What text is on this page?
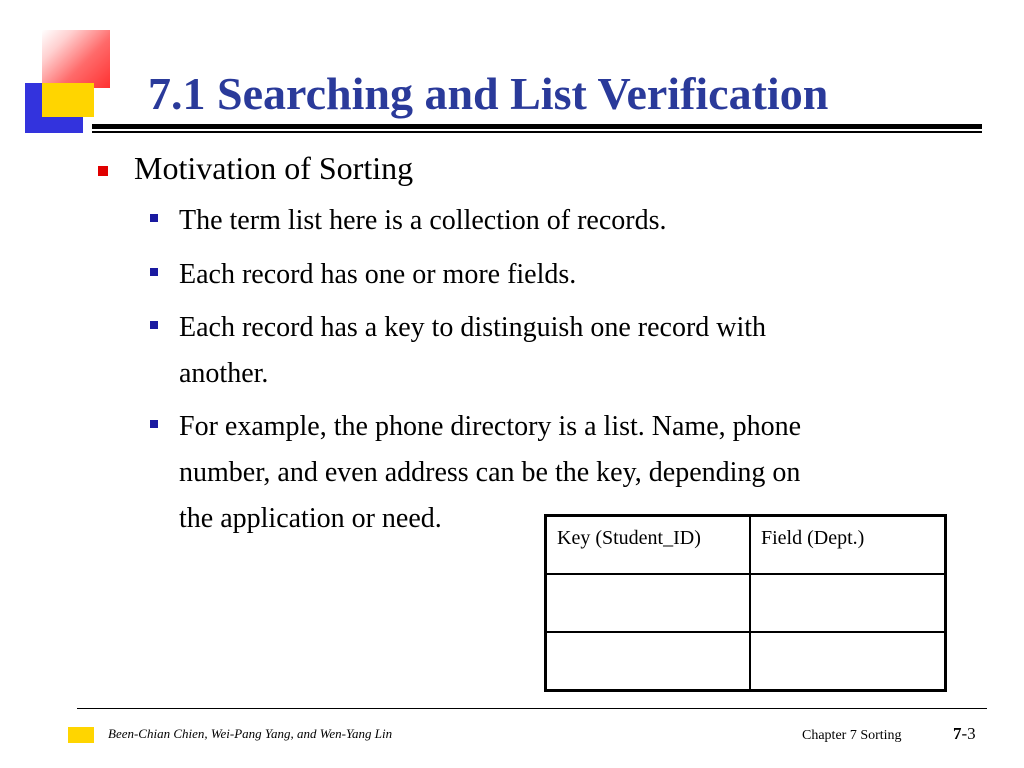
7.1 Searching and List Verification
Motivation of Sorting
The term list here is a collection of records.
Each record has one or more fields.
Each record has a key to distinguish one record with
another.
For example, the phone directory is a list. Name, phone
number, and even address can be the key, depending on
the application or need.
Key (Student_ID)	Field (Dept.)

Been-Chian Chien, Wei-Pang Yang, and Wen-Yang Lin	Chapter 7 Sorting	7-3
